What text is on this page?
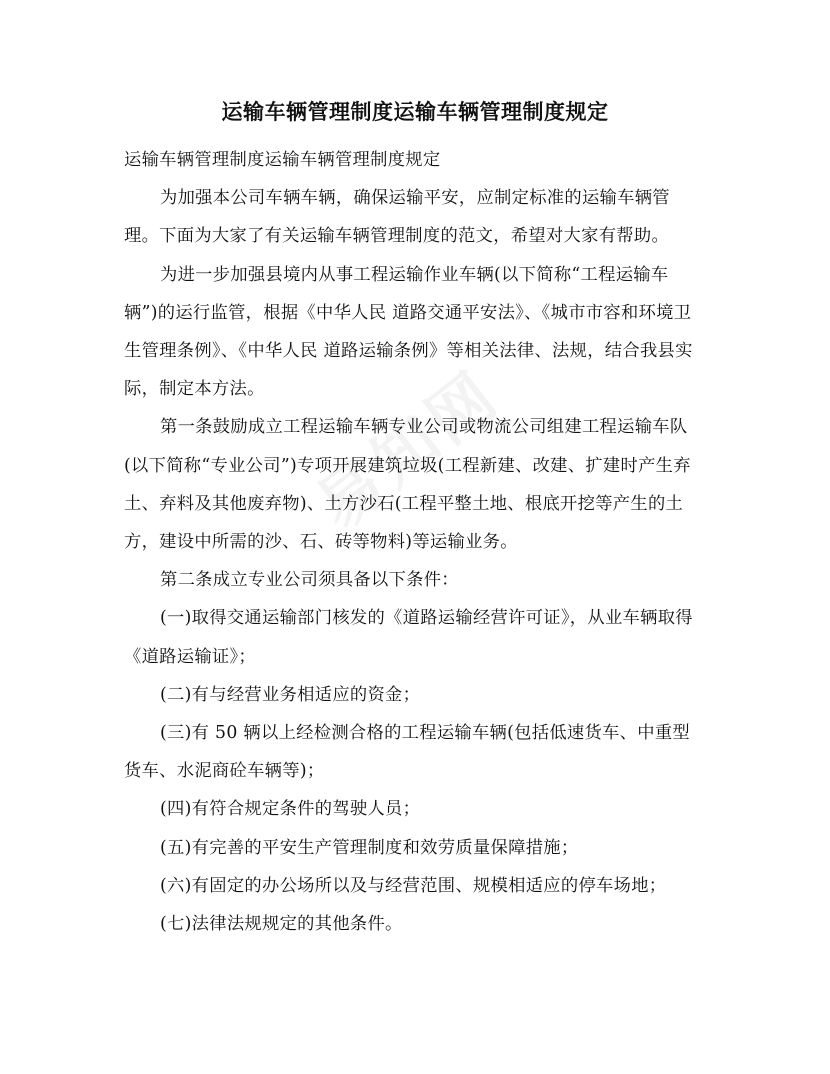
运输车辆管理制度运输车辆管理制度规定

运输车辆管理制度运输车辆管理制度规定

为加强本公司车辆车辆，确保运输平安，应制定标准的运输车辆管理。下面为大家了有关运输车辆管理制度的范文，希望对大家有帮助。

为进一步加强县境内从事工程运输作业车辆(以下简称“工程运输车辆”)的运行监管，根据《中华人民 道路交通平安法》、《城市市容和环境卫生管理条例》、《中华人民 道路运输条例》等相关法律、法规，结合我县实际，制定本方法。

第一条鼓励成立工程运输车辆专业公司或物流公司组建工程运输车队(以下简称“专业公司”)专项开展建筑垃圾(工程新建、改建、扩建时产生弃土、弃料及其他废弃物)、土方沙石(工程平整土地、根底开挖等产生的土方，建设中所需的沙、石、砖等物料)等运输业务。

第二条成立专业公司须具备以下条件：

(一)取得交通运输部门核发的《道路运输经营许可证》，从业车辆取得《道路运输证》；

(二)有与经营业务相适应的资金；

(三)有 50 辆以上经检测合格的工程运输车辆(包括低速货车、中重型货车、水泥商砼车辆等)；

(四)有符合规定条件的驾驶人员；

(五)有完善的平安生产管理制度和效劳质量保障措施；

(六)有固定的办公场所以及与经营范围、规模相适应的停车场地；

(七)法律法规规定的其他条件。
